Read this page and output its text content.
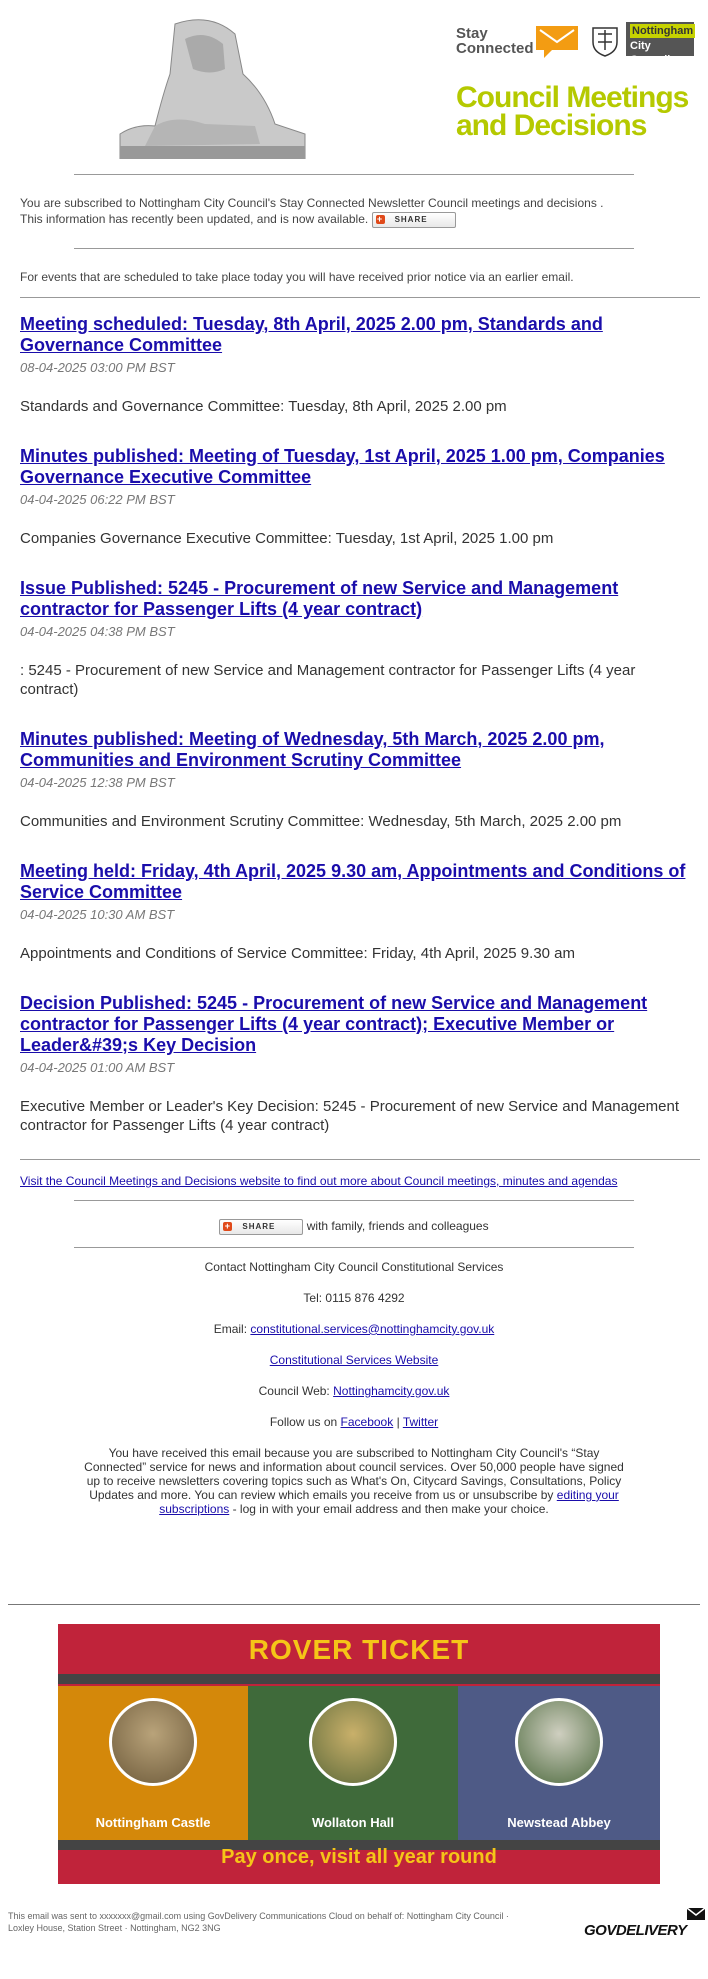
Stay Connected
Nottingham
City Council
Council Meetings
and Decisions
You are subscribed to Nottingham City Council's Stay Connected Newsletter Council meetings and decisions .
This information has recently been updated, and is now available. + SHARE
For events that are scheduled to take place today you will have received prior notice via an earlier email.
Meeting scheduled: Tuesday, 8th April, 2025 2.00 pm, Standards and Governance Committee
08-04-2025 03:00 PM BST
Standards and Governance Committee: Tuesday, 8th April, 2025 2.00 pm
Minutes published: Meeting of Tuesday, 1st April, 2025 1.00 pm, Companies Governance Executive Committee
04-04-2025 06:22 PM BST
Companies Governance Executive Committee: Tuesday, 1st April, 2025 1.00 pm
Issue Published: 5245 - Procurement of new Service and Management contractor for Passenger Lifts (4 year contract)
04-04-2025 04:38 PM BST
: 5245 - Procurement of new Service and Management contractor for Passenger Lifts (4 year contract)
Minutes published: Meeting of Wednesday, 5th March, 2025 2.00 pm, Communities and Environment Scrutiny Committee
04-04-2025 12:38 PM BST
Communities and Environment Scrutiny Committee: Wednesday, 5th March, 2025 2.00 pm
Meeting held: Friday, 4th April, 2025 9.30 am, Appointments and Conditions of Service Committee
04-04-2025 10:30 AM BST
Appointments and Conditions of Service Committee: Friday, 4th April, 2025 9.30 am
Decision Published: 5245 - Procurement of new Service and Management contractor for Passenger Lifts (4 year contract); Executive Member or Leader&#39;s Key Decision
04-04-2025 01:00 AM BST
Executive Member or Leader's Key Decision: 5245 - Procurement of new Service and Management contractor for Passenger Lifts (4 year contract)
Visit the Council Meetings and Decisions website to find out more about Council meetings, minutes and agendas
+ SHARE	with family, friends and colleagues
Contact Nottingham City Council Constitutional Services
Tel: 0115 876 4292
Email: constitutional.services@nottinghamcity.gov.uk
Constitutional Services Website
Council Web: Nottinghamcity.gov.uk
Follow us on Facebook | Twitter
You have received this email because you are subscribed to Nottingham City Council's “Stay Connected” service for news and information about council services. Over 50,000 people have signed up to receive newsletters covering topics such as What's On, Citycard Savings, Consultations, Policy Updates and more. You can review which emails you receive from us or unsubscribe by editing your subscriptions - log in with your email address and then make your choice.
ROVER TICKET
Nottingham Castle	Wollaton Hall	Newstead Abbey
Pay once, visit all year round
This email was sent to xxxxxxx@gmail.com using GovDelivery Communications Cloud on behalf of: Nottingham City Council ·
Loxley House, Station Street · Nottingham, NG2 3NG	GOVDELIVERY
